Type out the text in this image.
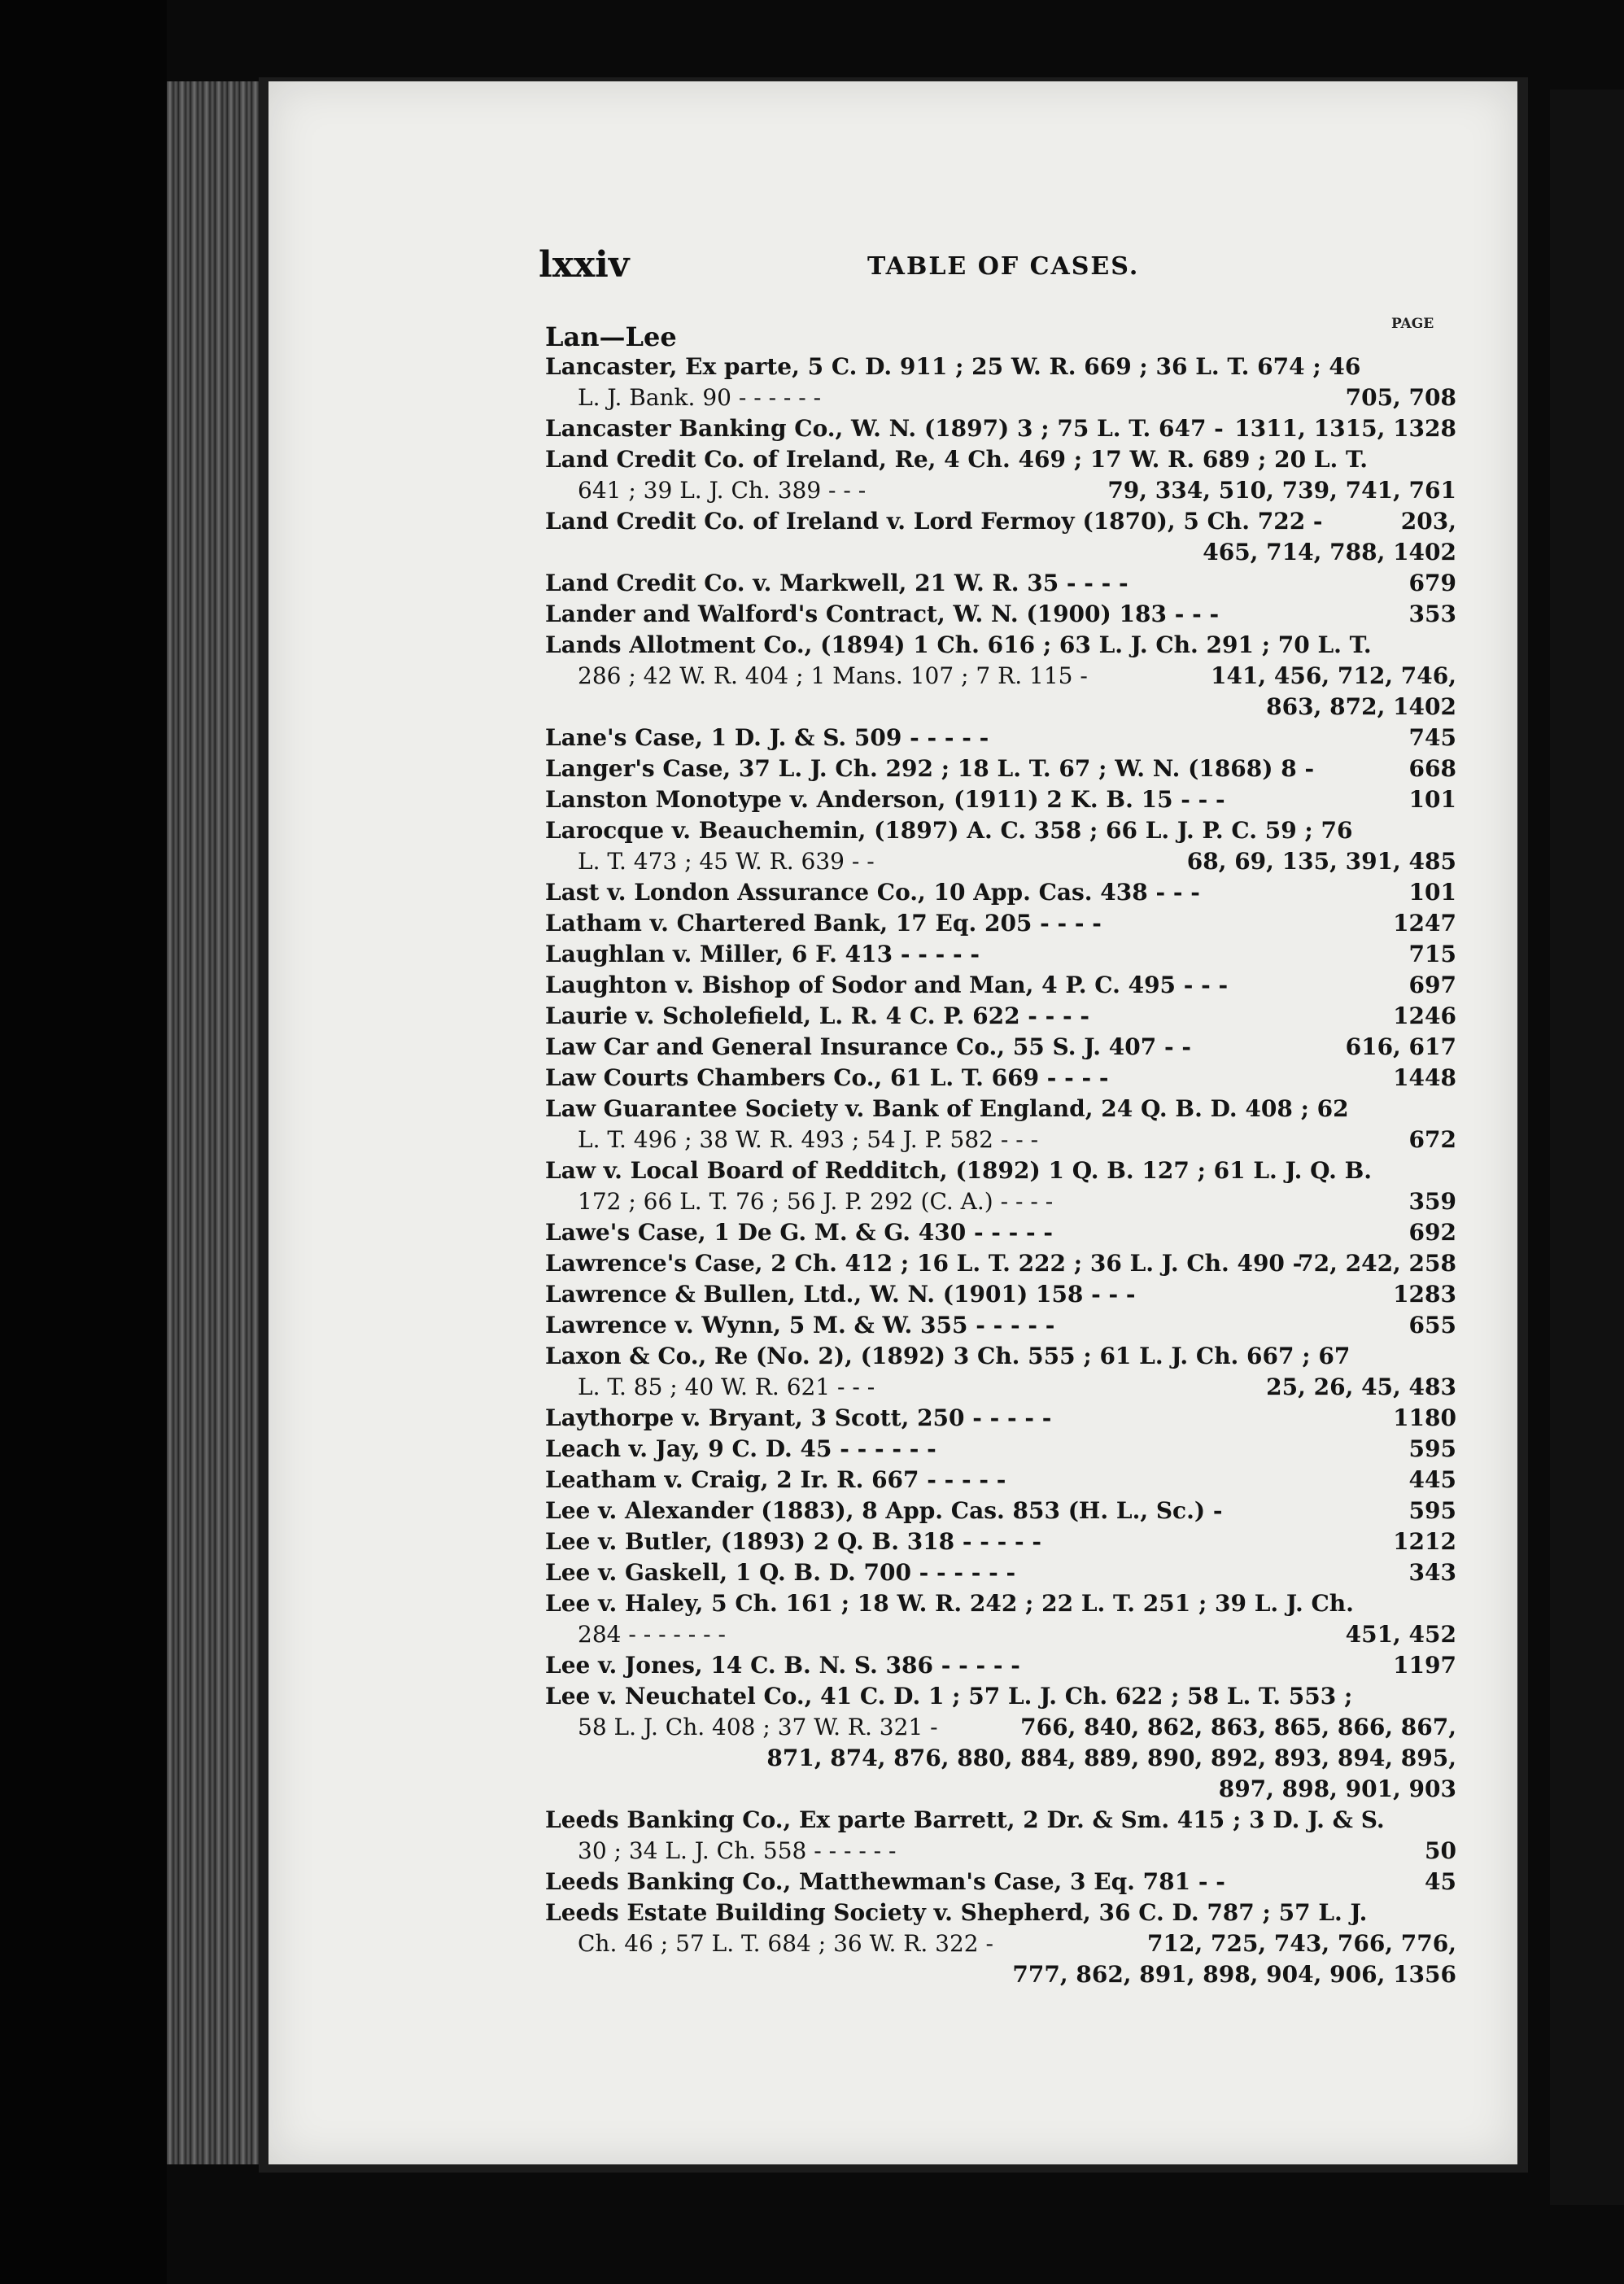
lxxiv	TABLE OF CASES.
PAGE
Lan—Lee
Lancaster, Ex parte, 5 C. D. 911 ; 25 W. R. 669 ; 36 L. T. 674 ; 46
L. J. Bank. 90 - - - - - -	705, 708
Lancaster Banking Co., W. N. (1897) 3 ; 75 L. T. 647 - 1311, 1315, 1328
Land Credit Co. of Ireland, Re, 4 Ch. 469 ; 17 W. R. 689 ; 20 L. T.
641 ; 39 L. J. Ch. 389 - - -	79, 334, 510, 739, 741, 761
Land Credit Co. of Ireland v. Lord Fermoy (1870), 5 Ch. 722 -	203,
465, 714, 788, 1402
Land Credit Co. v. Markwell, 21 W. R. 35 - - - -	679
Lander and Walford's Contract, W. N. (1900) 183 - - -	353
Lands Allotment Co., (1894) 1 Ch. 616 ; 63 L. J. Ch. 291 ; 70 L. T.
286 ; 42 W. R. 404 ; 1 Mans. 107 ; 7 R. 115 -	141, 456, 712, 746,
863, 872, 1402
Lane's Case, 1 D. J. & S. 509 - - - - -	745
Langer's Case, 37 L. J. Ch. 292 ; 18 L. T. 67 ; W. N. (1868) 8 -	668
Lanston Monotype v. Anderson, (1911) 2 K. B. 15 - - -	101
Larocque v. Beauchemin, (1897) A. C. 358 ; 66 L. J. P. C. 59 ; 76
L. T. 473 ; 45 W. R. 639 - -	68, 69, 135, 391, 485
Last v. London Assurance Co., 10 App. Cas. 438 - - -	101
Latham v. Chartered Bank, 17 Eq. 205 - - - -	1247
Laughlan v. Miller, 6 F. 413 - - - - -	715
Laughton v. Bishop of Sodor and Man, 4 P. C. 495 - - -	697
Laurie v. Scholefield, L. R. 4 C. P. 622 - - - -	1246
Law Car and General Insurance Co., 55 S. J. 407 - -	616, 617
Law Courts Chambers Co., 61 L. T. 669 - - - -	1448
Law Guarantee Society v. Bank of England, 24 Q. B. D. 408 ; 62
L. T. 496 ; 38 W. R. 493 ; 54 J. P. 582 - - -	672
Law v. Local Board of Redditch, (1892) 1 Q. B. 127 ; 61 L. J. Q. B.
172 ; 66 L. T. 76 ; 56 J. P. 292 (C. A.) - - - -	359
Lawe's Case, 1 De G. M. & G. 430 - - - - -	692
Lawrence's Case, 2 Ch. 412 ; 16 L. T. 222 ; 36 L. J. Ch. 490 -
72, 242, 258
Lawrence & Bullen, Ltd., W. N. (1901) 158 - - -	1283
Lawrence v. Wynn, 5 M. & W. 355 - - - - -	655
Laxon & Co., Re (No. 2), (1892) 3 Ch. 555 ; 61 L. J. Ch. 667 ; 67
L. T. 85 ; 40 W. R. 621 - - -	25, 26, 45, 483
Laythorpe v. Bryant, 3 Scott, 250 - - - - -	1180
Leach v. Jay, 9 C. D. 45 - - - - - -	595
Leatham v. Craig, 2 Ir. R. 667 - - - - -	445
Lee v. Alexander (1883), 8 App. Cas. 853 (H. L., Sc.) -	595
Lee v. Butler, (1893) 2 Q. B. 318 - - - - -	1212
Lee v. Gaskell, 1 Q. B. D. 700 - - - - - -	343
Lee v. Haley, 5 Ch. 161 ; 18 W. R. 242 ; 22 L. T. 251 ; 39 L. J. Ch.
284 - - - - - - -	451, 452
Lee v. Jones, 14 C. B. N. S. 386 - - - - -	1197
Lee v. Neuchatel Co., 41 C. D. 1 ; 57 L. J. Ch. 622 ; 58 L. T. 553 ;
58 L. J. Ch. 408 ; 37 W. R. 321 -	766, 840, 862, 863, 865, 866, 867,
871, 874, 876, 880, 884, 889, 890, 892, 893, 894, 895,
897, 898, 901, 903
Leeds Banking Co., Ex parte Barrett, 2 Dr. & Sm. 415 ; 3 D. J. & S.
30 ; 34 L. J. Ch. 558 - - - - - -	50
Leeds Banking Co., Matthewman's Case, 3 Eq. 781 - -	45
Leeds Estate Building Society v. Shepherd, 36 C. D. 787 ; 57 L. J.
Ch. 46 ; 57 L. T. 684 ; 36 W. R. 322 -	712, 725, 743, 766, 776,
777, 862, 891, 898, 904, 906, 1356
